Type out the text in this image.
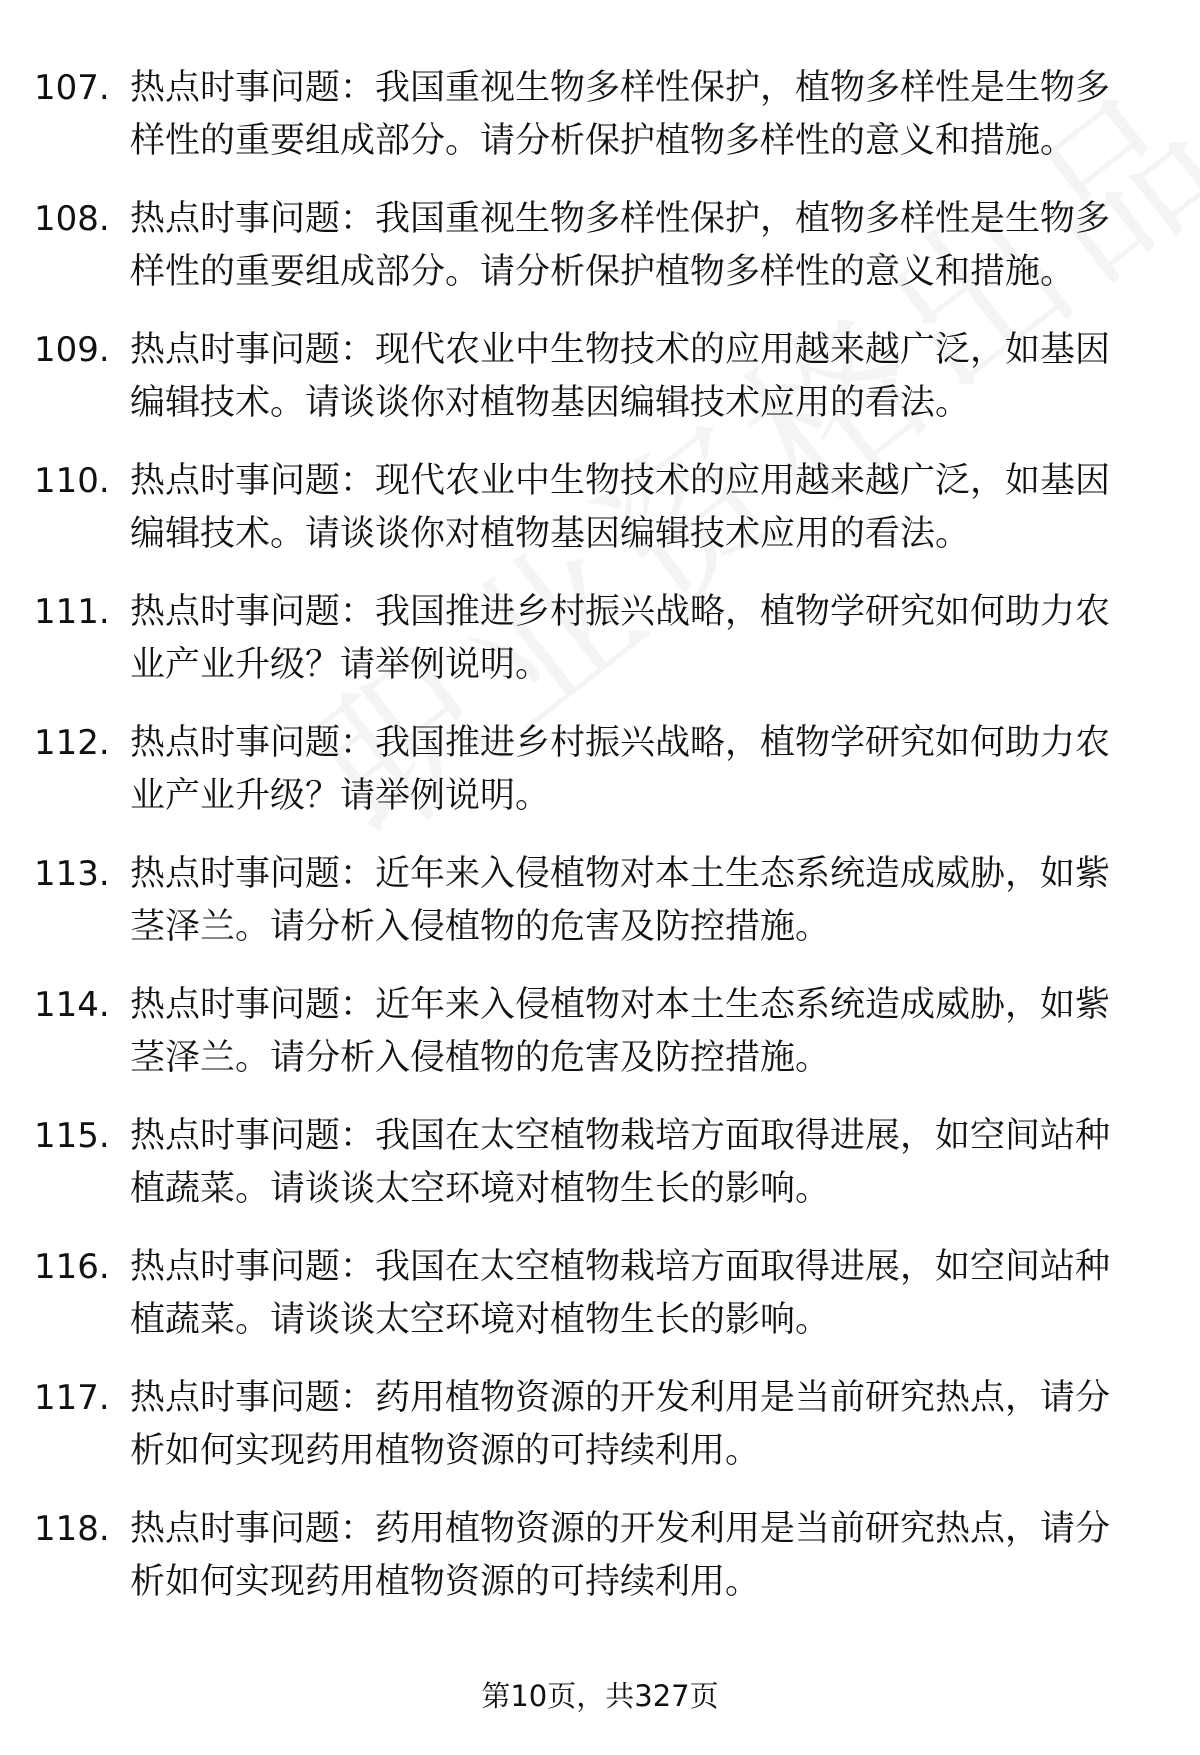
107. 热点时事问题：我国重视生物多样性保护，植物多样性是生物多样性的重要组成部分。请分析保护植物多样性的意义和措施。
108. 热点时事问题：我国重视生物多样性保护，植物多样性是生物多样性的重要组成部分。请分析保护植物多样性的意义和措施。
109. 热点时事问题：现代农业中生物技术的应用越来越广泛，如基因编辑技术。请谈谈你对植物基因编辑技术应用的看法。
110. 热点时事问题：现代农业中生物技术的应用越来越广泛，如基因编辑技术。请谈谈你对植物基因编辑技术应用的看法。
111. 热点时事问题：我国推进乡村振兴战略，植物学研究如何助力农业产业升级？请举例说明。
112. 热点时事问题：我国推进乡村振兴战略，植物学研究如何助力农业产业升级？请举例说明。
113. 热点时事问题：近年来入侵植物对本土生态系统造成威胁，如紫茎泽兰。请分析入侵植物的危害及防控措施。
114. 热点时事问题：近年来入侵植物对本土生态系统造成威胁，如紫茎泽兰。请分析入侵植物的危害及防控措施。
115. 热点时事问题：我国在太空植物栽培方面取得进展，如空间站种植蔬菜。请谈谈太空环境对植物生长的影响。
116. 热点时事问题：我国在太空植物栽培方面取得进展，如空间站种植蔬菜。请谈谈太空环境对植物生长的影响。
117. 热点时事问题：药用植物资源的开发利用是当前研究热点，请分析如何实现药用植物资源的可持续利用。
118. 热点时事问题：药用植物资源的开发利用是当前研究热点，请分析如何实现药用植物资源的可持续利用。
第10页，共327页
